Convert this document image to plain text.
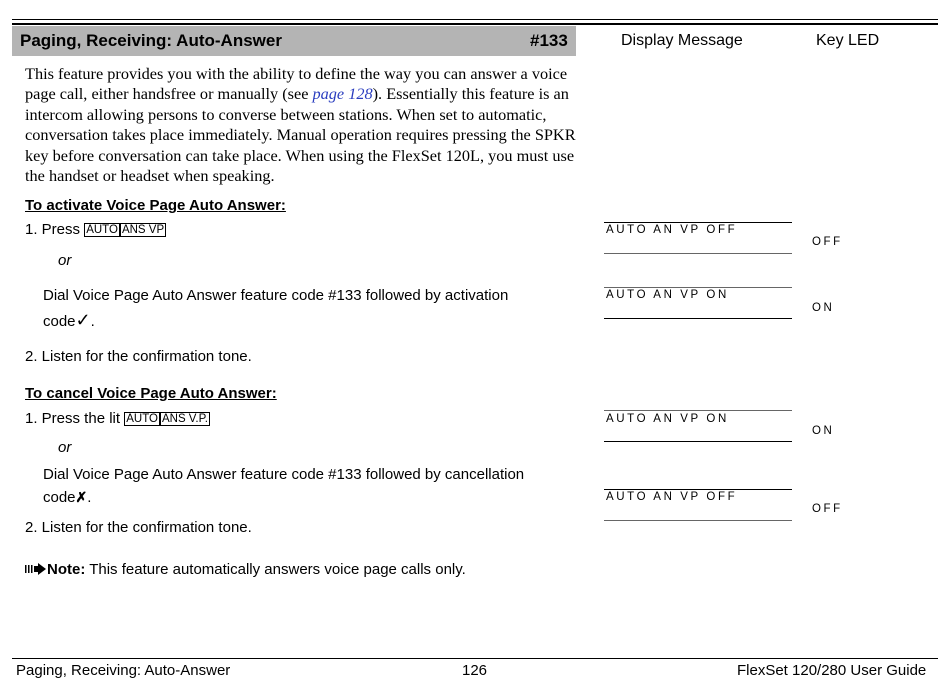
Paging, Receiving: Auto-Answer	#133	Display Message	Key LED
This feature provides you with the ability to define the way you can answer a voice page call, either handsfree or manually (see page 128). Essentially this feature is an intercom allowing persons to converse between stations. When set to automatic, conversation takes place immediately. Manual operation requires pressing the SPKR key before conversation can take place. When using the FlexSet 120L, you must use the handset or headset when speaking.
To activate Voice Page Auto Answer:
1. Press AUTO ANS VP
or
Dial Voice Page Auto Answer feature code #133 followed by activation
code✓.
2. Listen for the confirmation tone.
AUTO AN VP OFF
OFF
AUTO AN VP ON
ON
To cancel Voice Page Auto Answer:
1. Press the lit AUTO ANS V.P.
or
Dial Voice Page Auto Answer feature code #133 followed by cancellation
code✗.
2. Listen for the confirmation tone.
AUTO AN VP ON
ON
AUTO AN VP OFF
OFF
Note: This feature automatically answers voice page calls only.
Paging, Receiving: Auto-Answer	126	FlexSet 120/280 User Guide
